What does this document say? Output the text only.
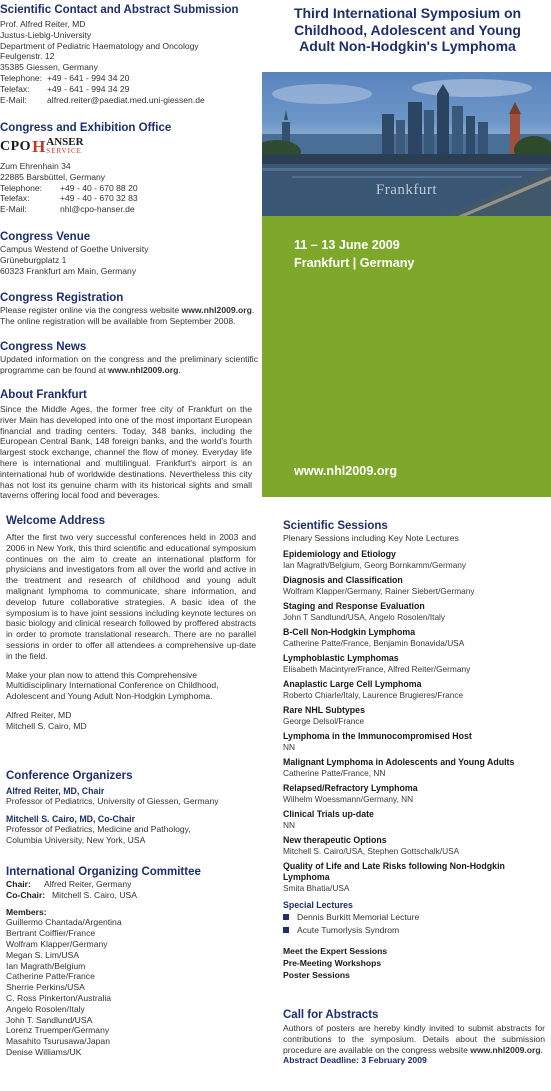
Scientific Contact and Abstract Submission
Prof. Alfred Reiter, MD
Justus-Liebig-University
Department of Pediatric Haematology and Oncology
Feulgenstr. 12
35385 Giessen, Germany
Telephone: +49 - 641 - 994 34 20
Telefax:	+49 - 641 - 994 34 29
E-Mail:	alfred.reiter@paediat.med.uni-giessen.de
Congress and Exhibition Office
CPO H ANSER
SERVICE
Zum Ehrenhain 34
22885 Barsbüttel, Germany
Telephone:	+49 - 40 - 670 88 20
Telefax:	+49 - 40 - 670 32 83
E-Mail:	nhl@cpo-hanser.de
Congress Venue
Campus Westend of Goethe University
Grüneburgplatz 1
60323 Frankfurt am Main, Germany
Congress Registration
Please register online via the congress website www.nhl2009.org.
The online registration will be available from September 2008.
Congress News
Updated information on the congress and the preliminary scientific programme can be found at www.nhl2009.org.
About Frankfurt
Since the Middle Ages, the former free city of Frankfurt on the river Main has developed into one of the most important European financial and trading centers. Today, 348 banks, including the European Central Bank, 148 foreign banks, and the world's fourth largest stock exchange, channel the flow of money. Everyday life here is international and multilingual. Frankfurt's airport is an international hub of worldwide destinations. Nevertheless this city has not lost its genuine charm with its historical sights and small taverns offering local food and beverages.
Third International Symposium on
Childhood, Adolescent and Young
Adult Non-Hodgkin's Lymphoma
Frankfurt
11 – 13 June 2009
Frankfurt | Germany
www.nhl2009.org
Welcome Address
After the first two very successful conferences held in 2003 and 2006 in New York, this third scientific and educational symposium continues on the aim to create an international platform for physicians and investigators from all over the world and active in the treatment and research of childhood and young adult malignant lymphoma to communicate, share information, and develop future collaborative strategies. A basic idea of the symposium is to have joint sessions including keynote lectures on basic biology and clinical research followed by proffered abstracts in order to promote translational research. There are no parallel sessions in order to offer all attendees a comprehensive up-date in the field.
Make your plan now to attend this Comprehensive Multidisciplinary International Conference on Childhood, Adolescent and Young Adult Non-Hodgkin Lymphoma.
Alfred Reiter, MD
Mitchell S. Cairo, MD
Conference Organizers
Alfred Reiter, MD, Chair
Professor of Pediatrics, University of Giessen, Germany
Mitchell S. Cairo, MD, Co-Chair
Professor of Pediatrics, Medicine and Pathology,
Columbia University, New York, USA
International Organizing Committee
Chair:	Alfred Reiter, Germany
Co-Chair: Mitchell S. Cairo, USA
Members:
Guillermo Chantada/Argentina
Bertrant Coiffier/France
Wolfram Klapper/Germany
Megan S. Lim/USA
Ian Magrath/Belgium
Catherine Patte/France
Sherrie Perkins/USA
C. Ross Pinkerton/Australia
Angelo Rosolen/Italy
John T. Sandlund/USA
Lorenz Truemper/Germany
Masahito Tsurusawa/Japan
Denise Williams/UK
Scientific Sessions
Plenary Sessions including Key Note Lectures
Epidemiology and Etiology
Ian Magrath/Belgium, Georg Bornkamm/Germany
Diagnosis and Classification
Wolfram Klapper/Germany, Rainer Siebert/Germany
Staging and Response Evaluation
John T Sandlund/USA, Angelo Rosolen/Italy
B-Cell Non-Hodgkin Lymphoma
Catherine Patte/France, Benjamin Bonavida/USA
Lymphoblastic Lymphomas
Elisabeth Macintyre/France, Alfred Reiter/Germany
Anaplastic Large Cell Lymphoma
Roberto Chiarle/Italy, Laurence Brugieres/France
Rare NHL Subtypes
George Delsol/France
Lymphoma in the Immunocompromised Host
NN
Malignant Lymphoma in Adolescents and Young Adults
Catherine Patte/France, NN
Relapsed/Refractory Lymphoma
Wilhelm Woessmann/Germany, NN
Clinical Trials up-date
NN
New therapeutic Options
Mitchell S. Cairo/USA, Stephen Gottschalk/USA
Quality of Life and Late Risks following Non-Hodgkin Lymphoma
Smita Bhatia/USA
Special Lectures
Dennis Burkitt Memorial Lecture
Acute Tumorlysis Syndrom
Meet the Expert Sessions
Pre-Meeting Workshops
Poster Sessions
Call for Abstracts
Authors of posters are hereby kindly invited to submit abstracts for contributions to the symposium. Details about the submission procedure are available on the congress website www.nhl2009.org.
Abstract Deadline: 3 February 2009
